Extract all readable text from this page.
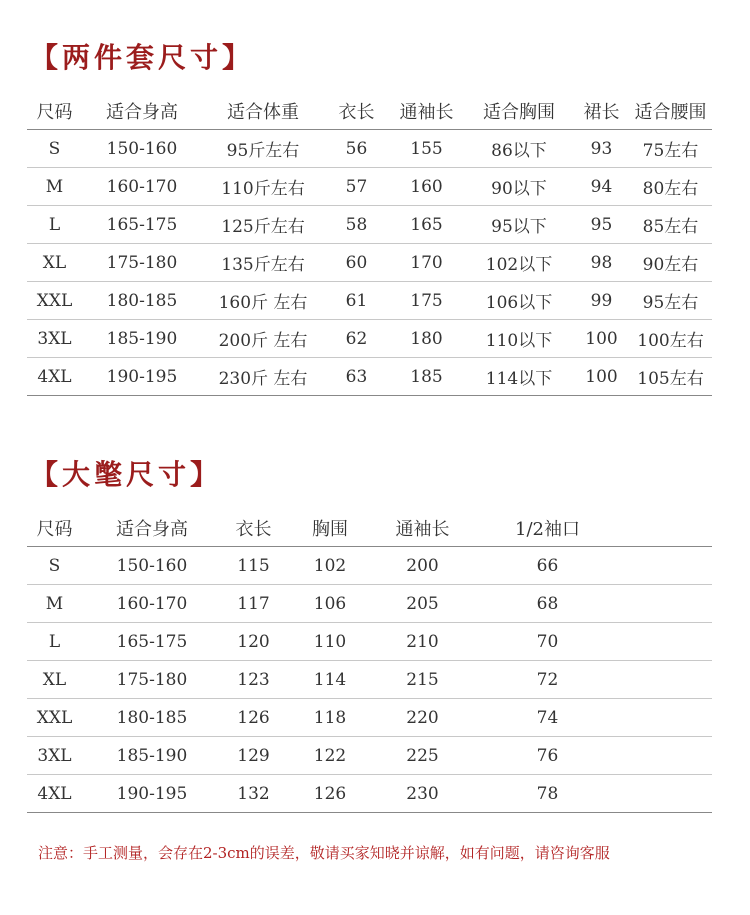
【两件套尺寸】
尺码	适合身高	适合体重	衣长	通袖长	适合胸围	裙长	适合腰围
S	150-160	95斤左右	56	155	86以下	93	75左右
M	160-170	110斤左右	57	160	90以下	94	80左右
L	165-175	125斤左右	58	165	95以下	95	85左右
XL	175-180	135斤左右	60	170	102以下	98	90左右
XXL	180-185	160斤 左右	61	175	106以下	99	95左右
3XL	185-190	200斤 左右	62	180	110以下	100	100左右
4XL	190-195	230斤 左右	63	185	114以下	100	105左右
【大氅尺寸】
尺码	适合身高	衣长	胸围	通袖长	1/2袖口	
S	150-160	115	102	200	66	
M	160-170	117	106	205	68	
L	165-175	120	110	210	70	
XL	175-180	123	114	215	72	
XXL	180-185	126	118	220	74	
3XL	185-190	129	122	225	76	
4XL	190-195	132	126	230	78	
注意：手工测量，会存在2-3cm的误差，敬请买家知晓并谅解，如有问题，请咨询客服
